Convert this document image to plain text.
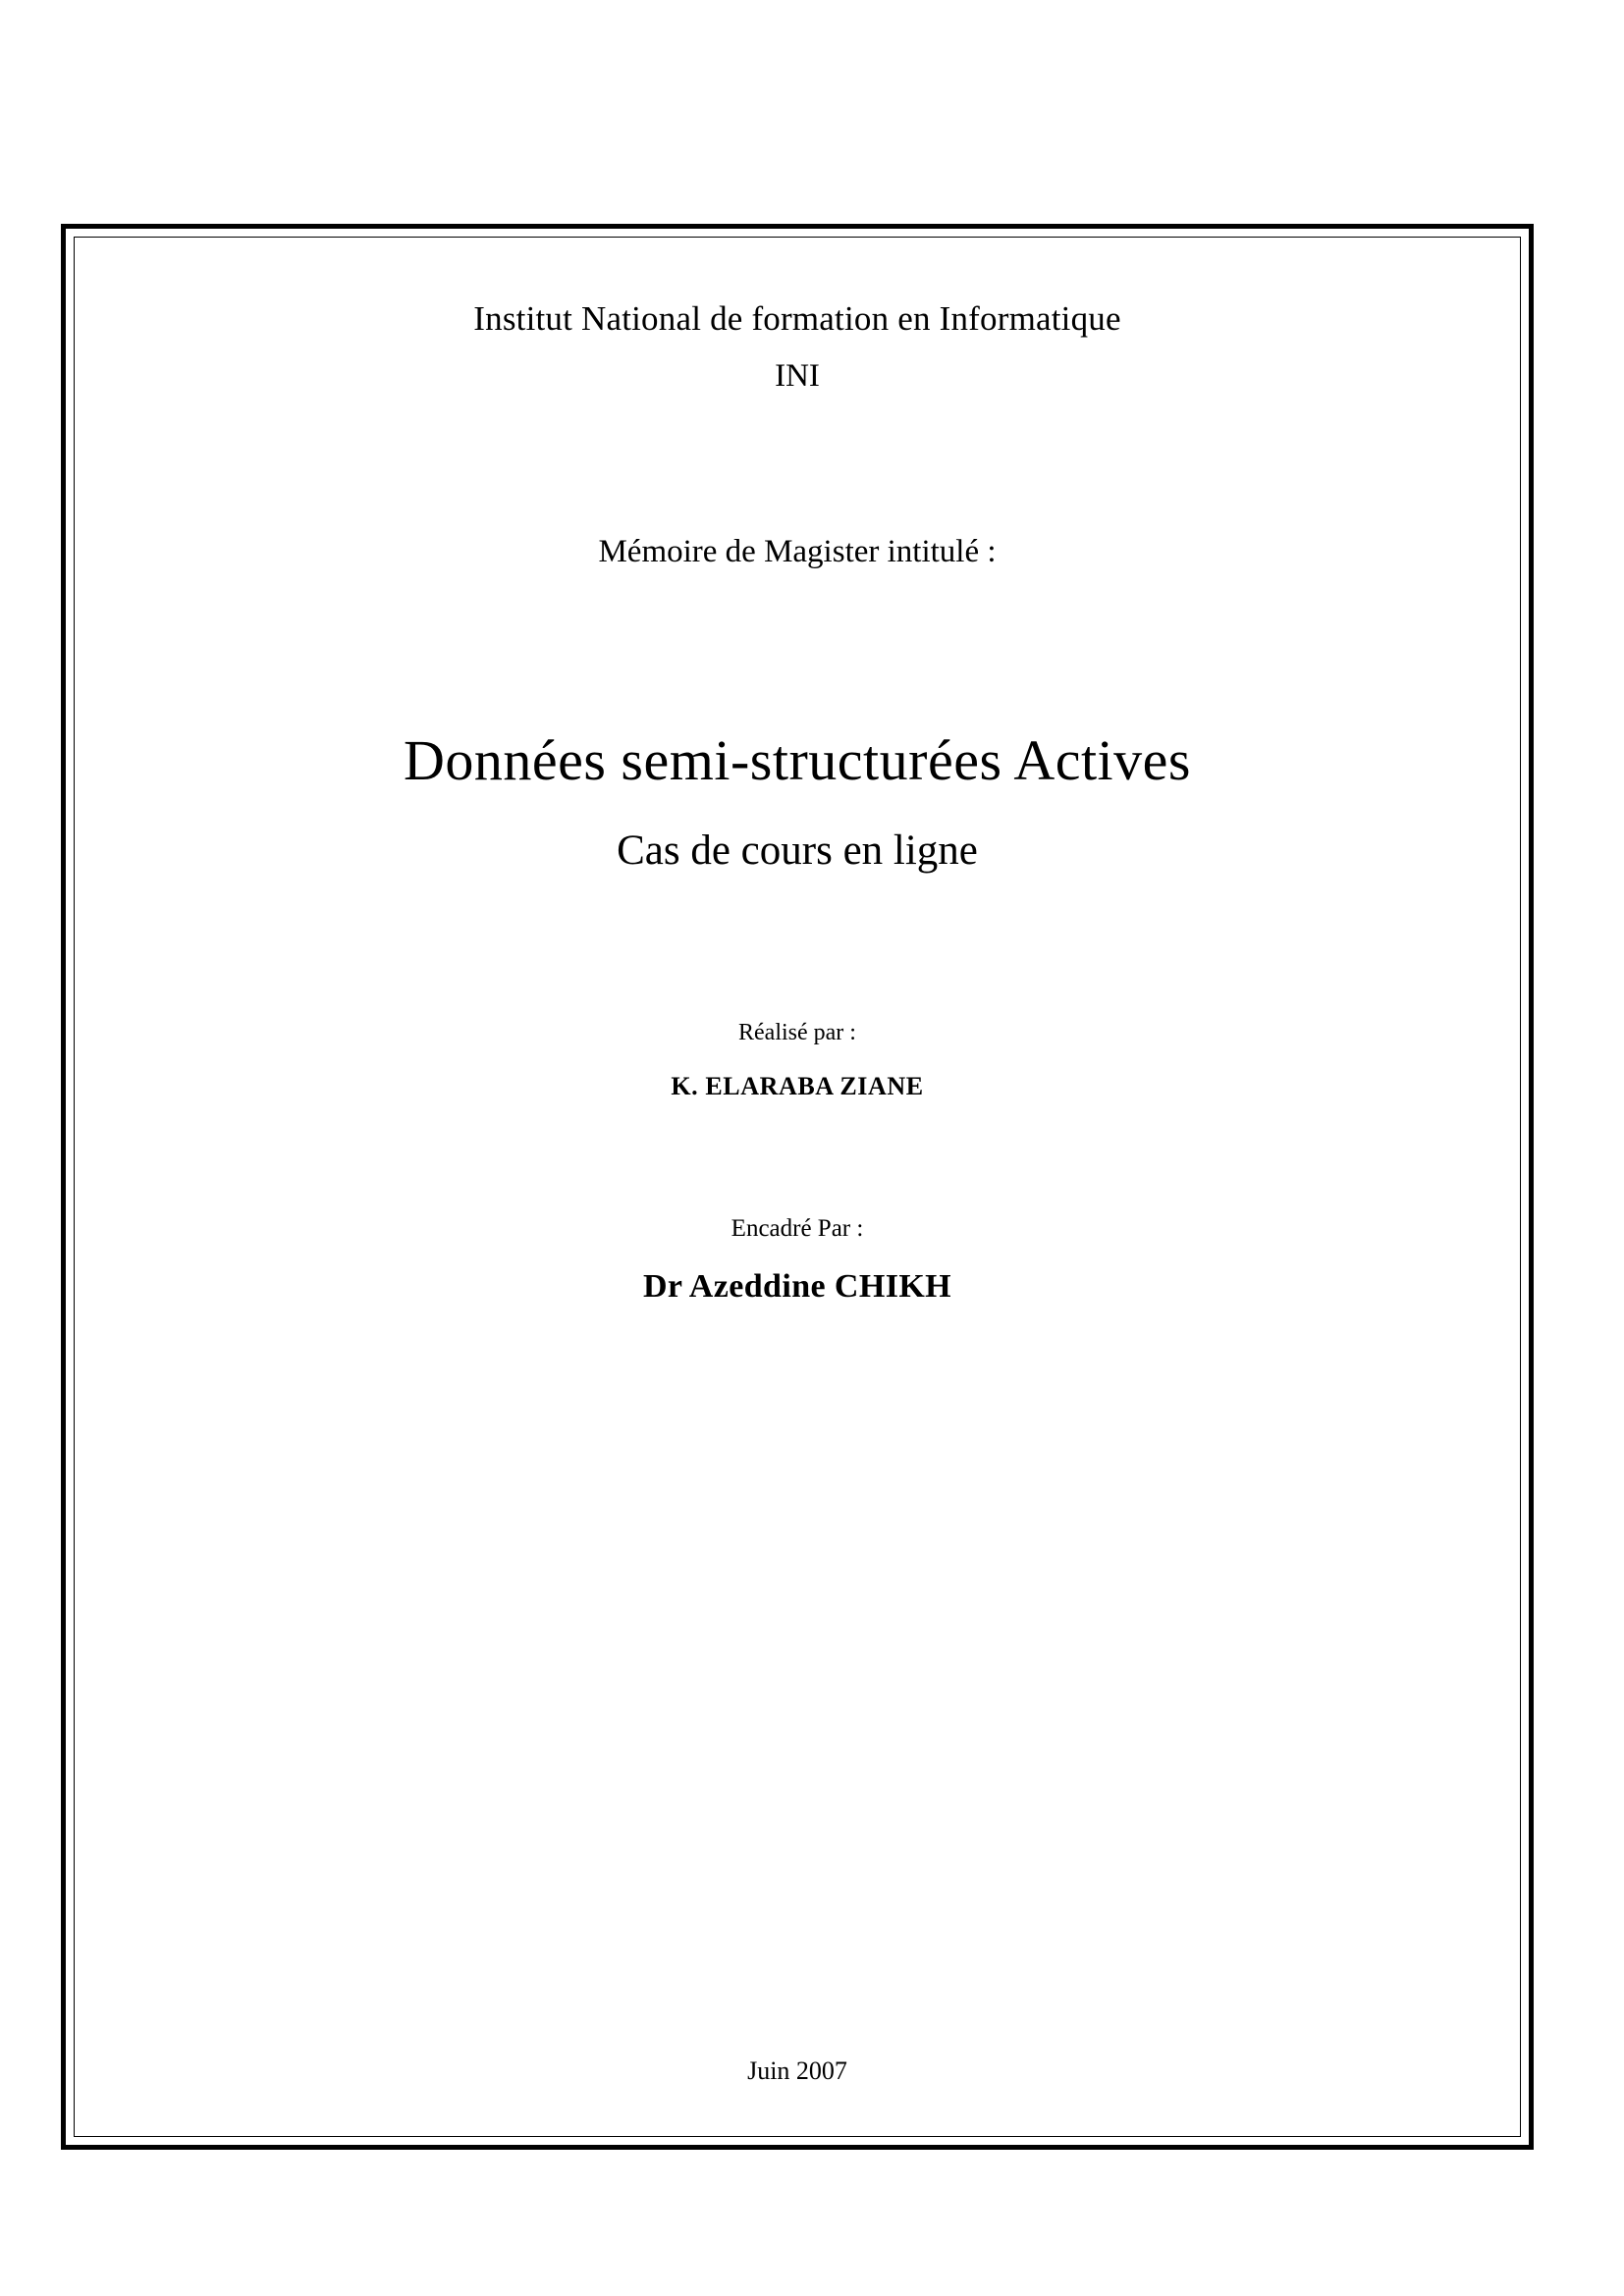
Institut National de formation en Informatique
INI
Mémoire de Magister intitulé :
Données semi-structurées Actives
Cas de cours en ligne
Réalisé par :
K. ELARABA ZIANE
Encadré Par :
Dr Azeddine CHIKH
Juin 2007
